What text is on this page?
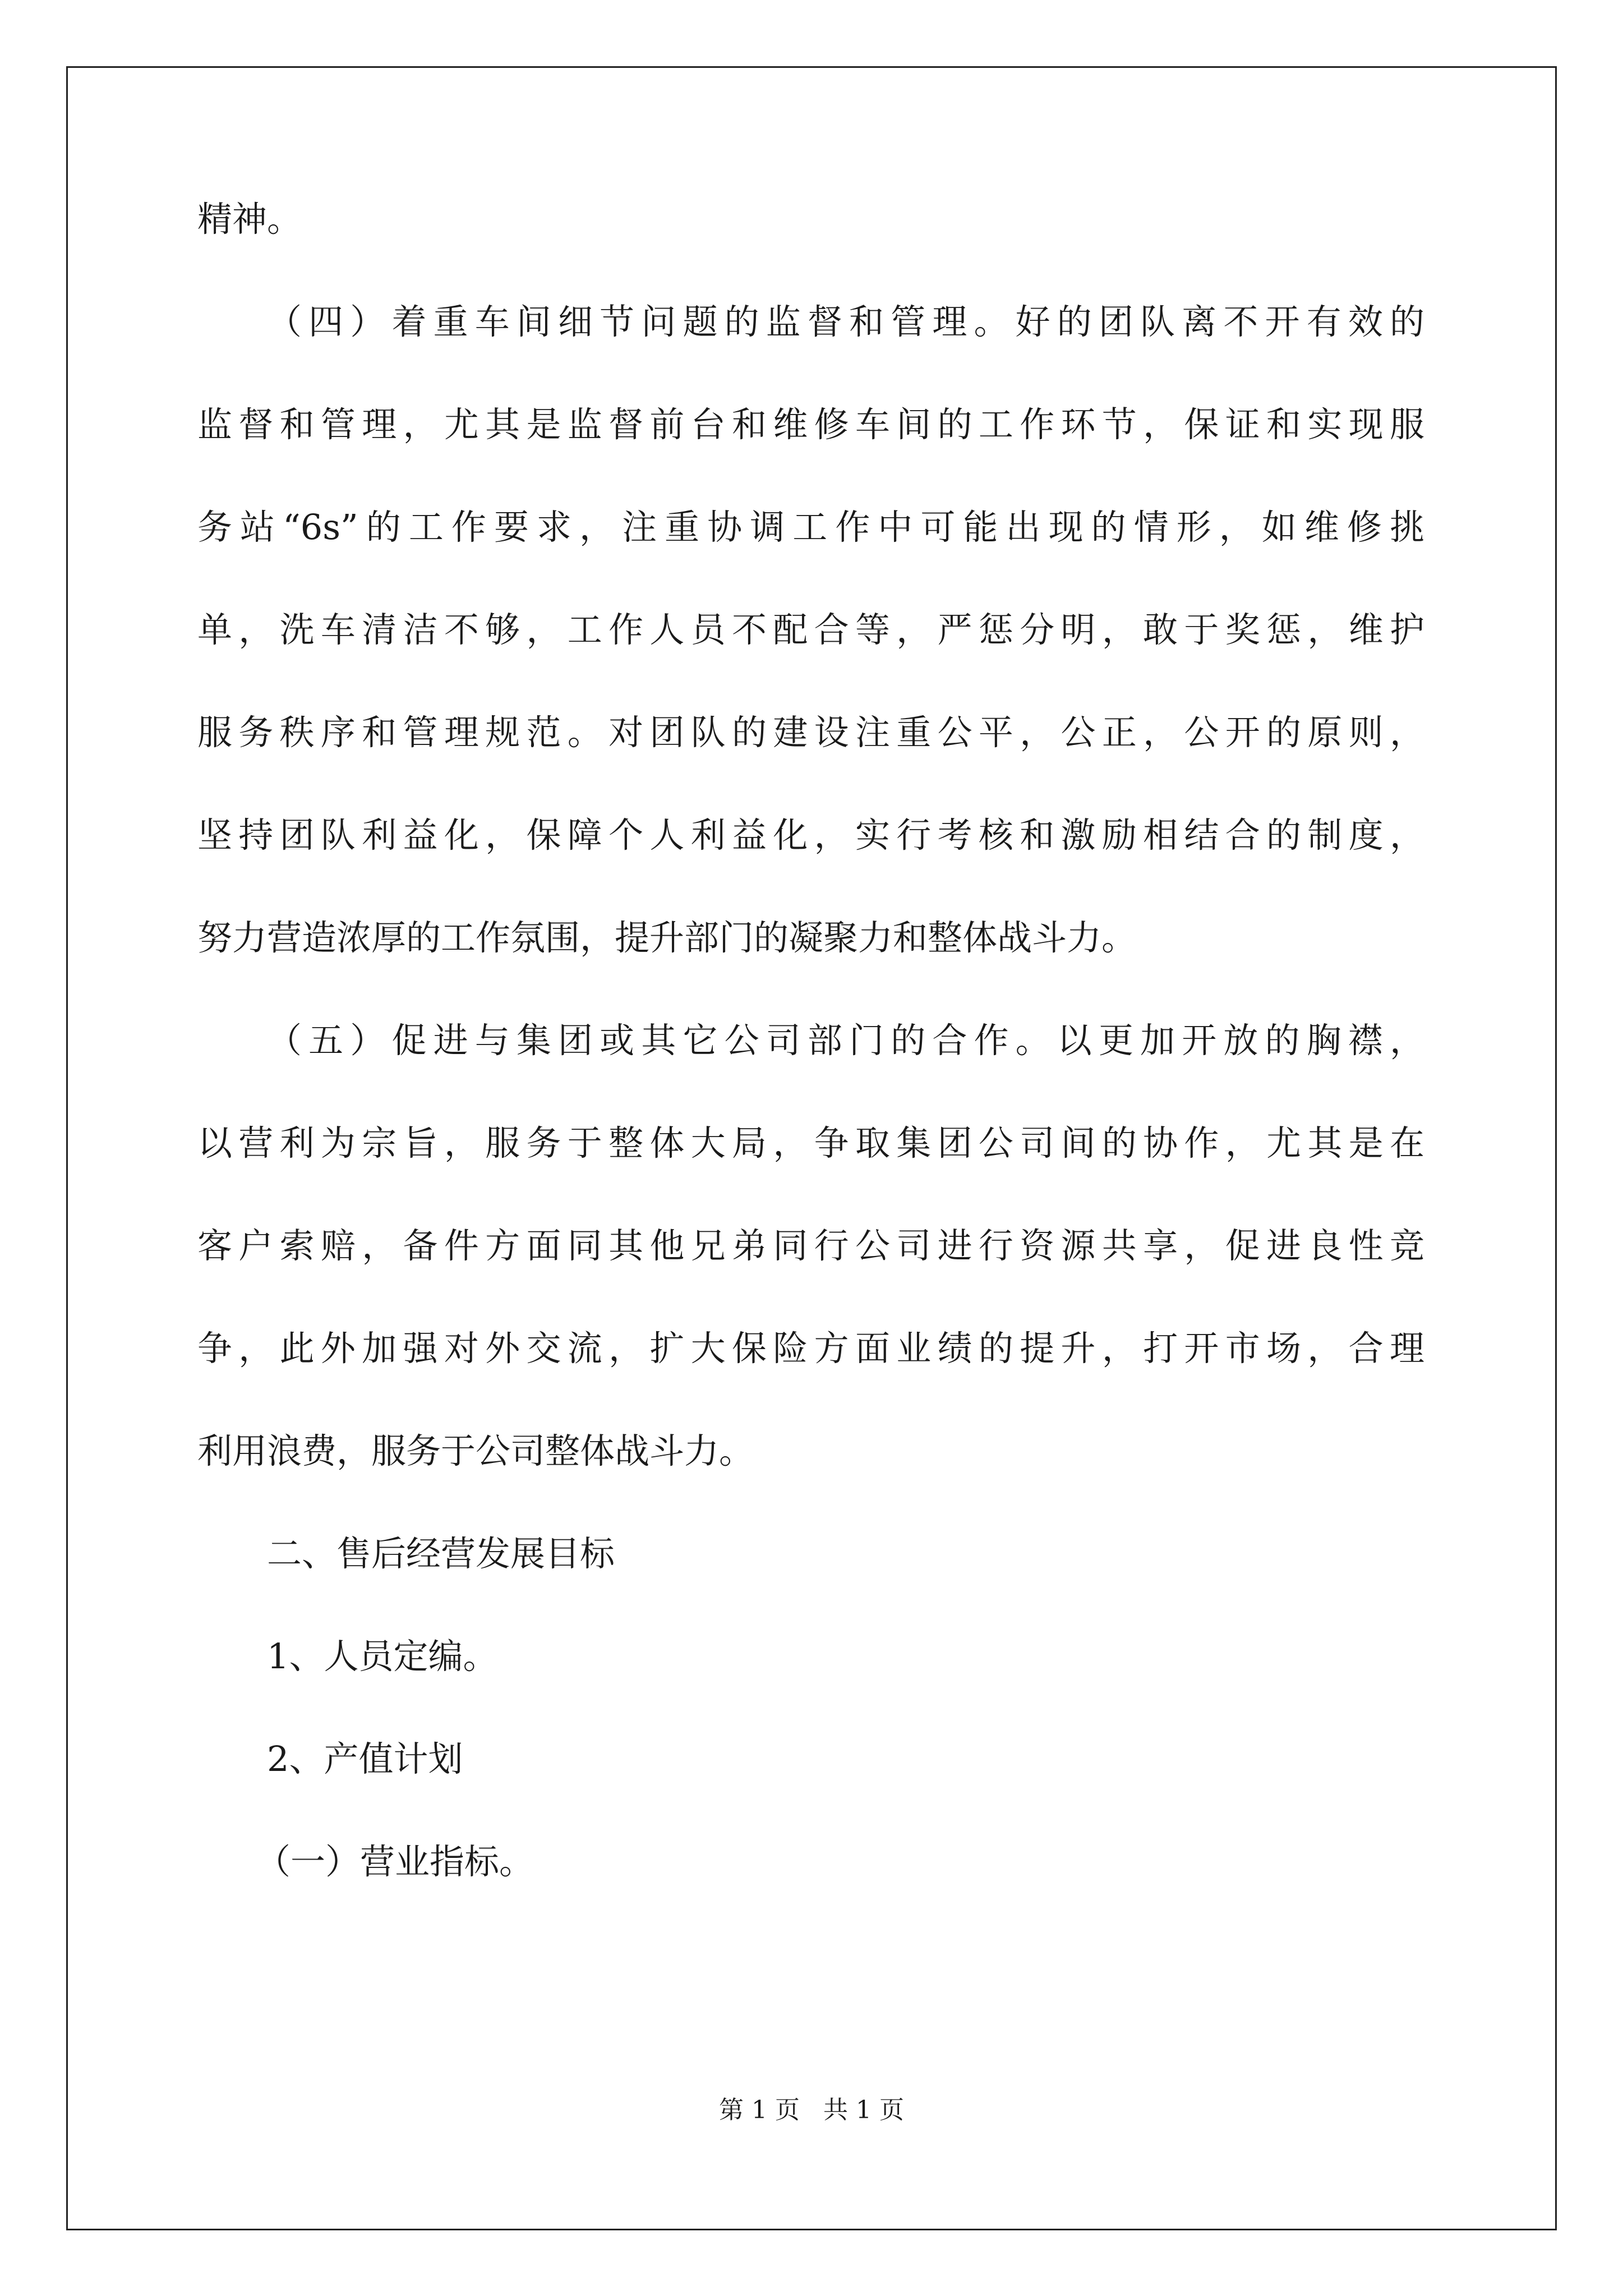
精神。
（四）着重车间细节问题的监督和管理。好的团队离不开有效的
监督和管理，尤其是监督前台和维修车间的工作环节，保证和实现服
务站“6s”的工作要求，注重协调工作中可能出现的情形，如维修挑
单，洗车清洁不够，工作人员不配合等，严惩分明，敢于奖惩，维护
服务秩序和管理规范。对团队的建设注重公平，公正，公开的原则，
坚持团队利益化，保障个人利益化，实行考核和激励相结合的制度，
努力营造浓厚的工作氛围，提升部门的凝聚力和整体战斗力。
（五）促进与集团或其它公司部门的合作。以更加开放的胸襟，
以营利为宗旨，服务于整体大局，争取集团公司间的协作，尤其是在
客户索赔，备件方面同其他兄弟同行公司进行资源共享，促进良性竞
争，此外加强对外交流，扩大保险方面业绩的提升，打开市场，合理
利用浪费，服务于公司整体战斗力。
二、售后经营发展目标
1、人员定编。
2、产值计划
（一）营业指标。
第 1 页   共 1 页
